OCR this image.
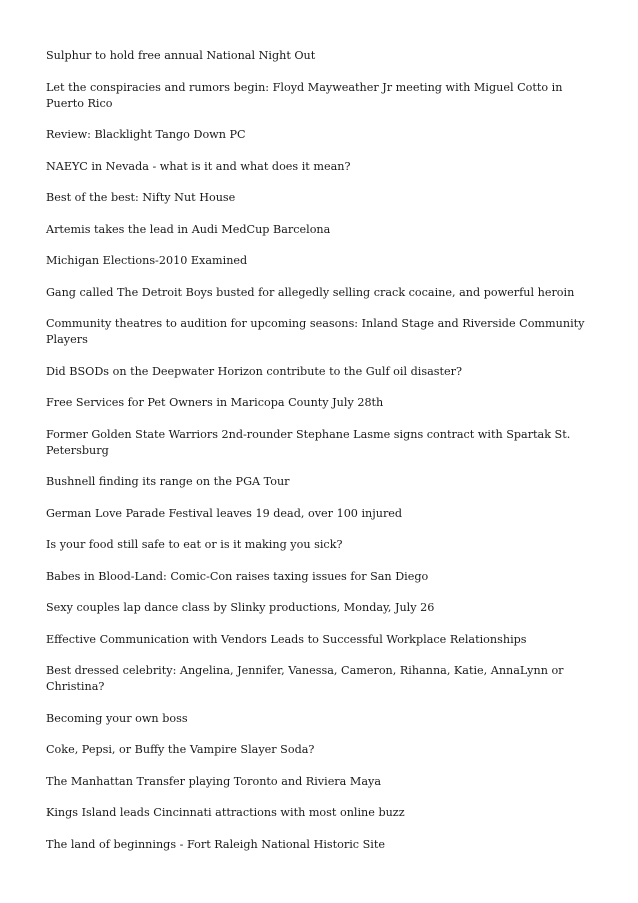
Sulphur to hold free annual National Night Out
Let the conspiracies and rumors begin: Floyd Mayweather Jr meeting with Miguel Cotto in Puerto Rico
Review: Blacklight Tango Down PC
NAEYC in Nevada - what is it and what does it mean?
Best of the best: Nifty Nut House
Artemis takes the lead in Audi MedCup Barcelona
Michigan Elections-2010 Examined
Gang called The Detroit Boys busted for allegedly selling crack cocaine, and powerful heroin
Community theatres to audition for upcoming seasons: Inland Stage and Riverside Community Players
Did BSODs on the Deepwater Horizon contribute to the Gulf oil disaster?
Free Services for Pet Owners in Maricopa County July 28th
Former Golden State Warriors 2nd-rounder Stephane Lasme signs contract with Spartak St. Petersburg
Bushnell finding its range on the PGA Tour
German Love Parade Festival leaves 19 dead, over 100 injured
Is your food still safe to eat or is it making you sick?
Babes in Blood-Land: Comic-Con raises taxing issues for San Diego
Sexy couples lap dance class by Slinky productions, Monday, July 26
Effective Communication with Vendors Leads to Successful Workplace Relationships
Best dressed celebrity: Angelina, Jennifer, Vanessa, Cameron, Rihanna, Katie, AnnaLynn or Christina?
Becoming your own boss
Coke, Pepsi, or Buffy the Vampire Slayer Soda?
The Manhattan Transfer playing Toronto and Riviera Maya
Kings Island leads Cincinnati attractions with most online buzz
The land of beginnings - Fort Raleigh National Historic Site
